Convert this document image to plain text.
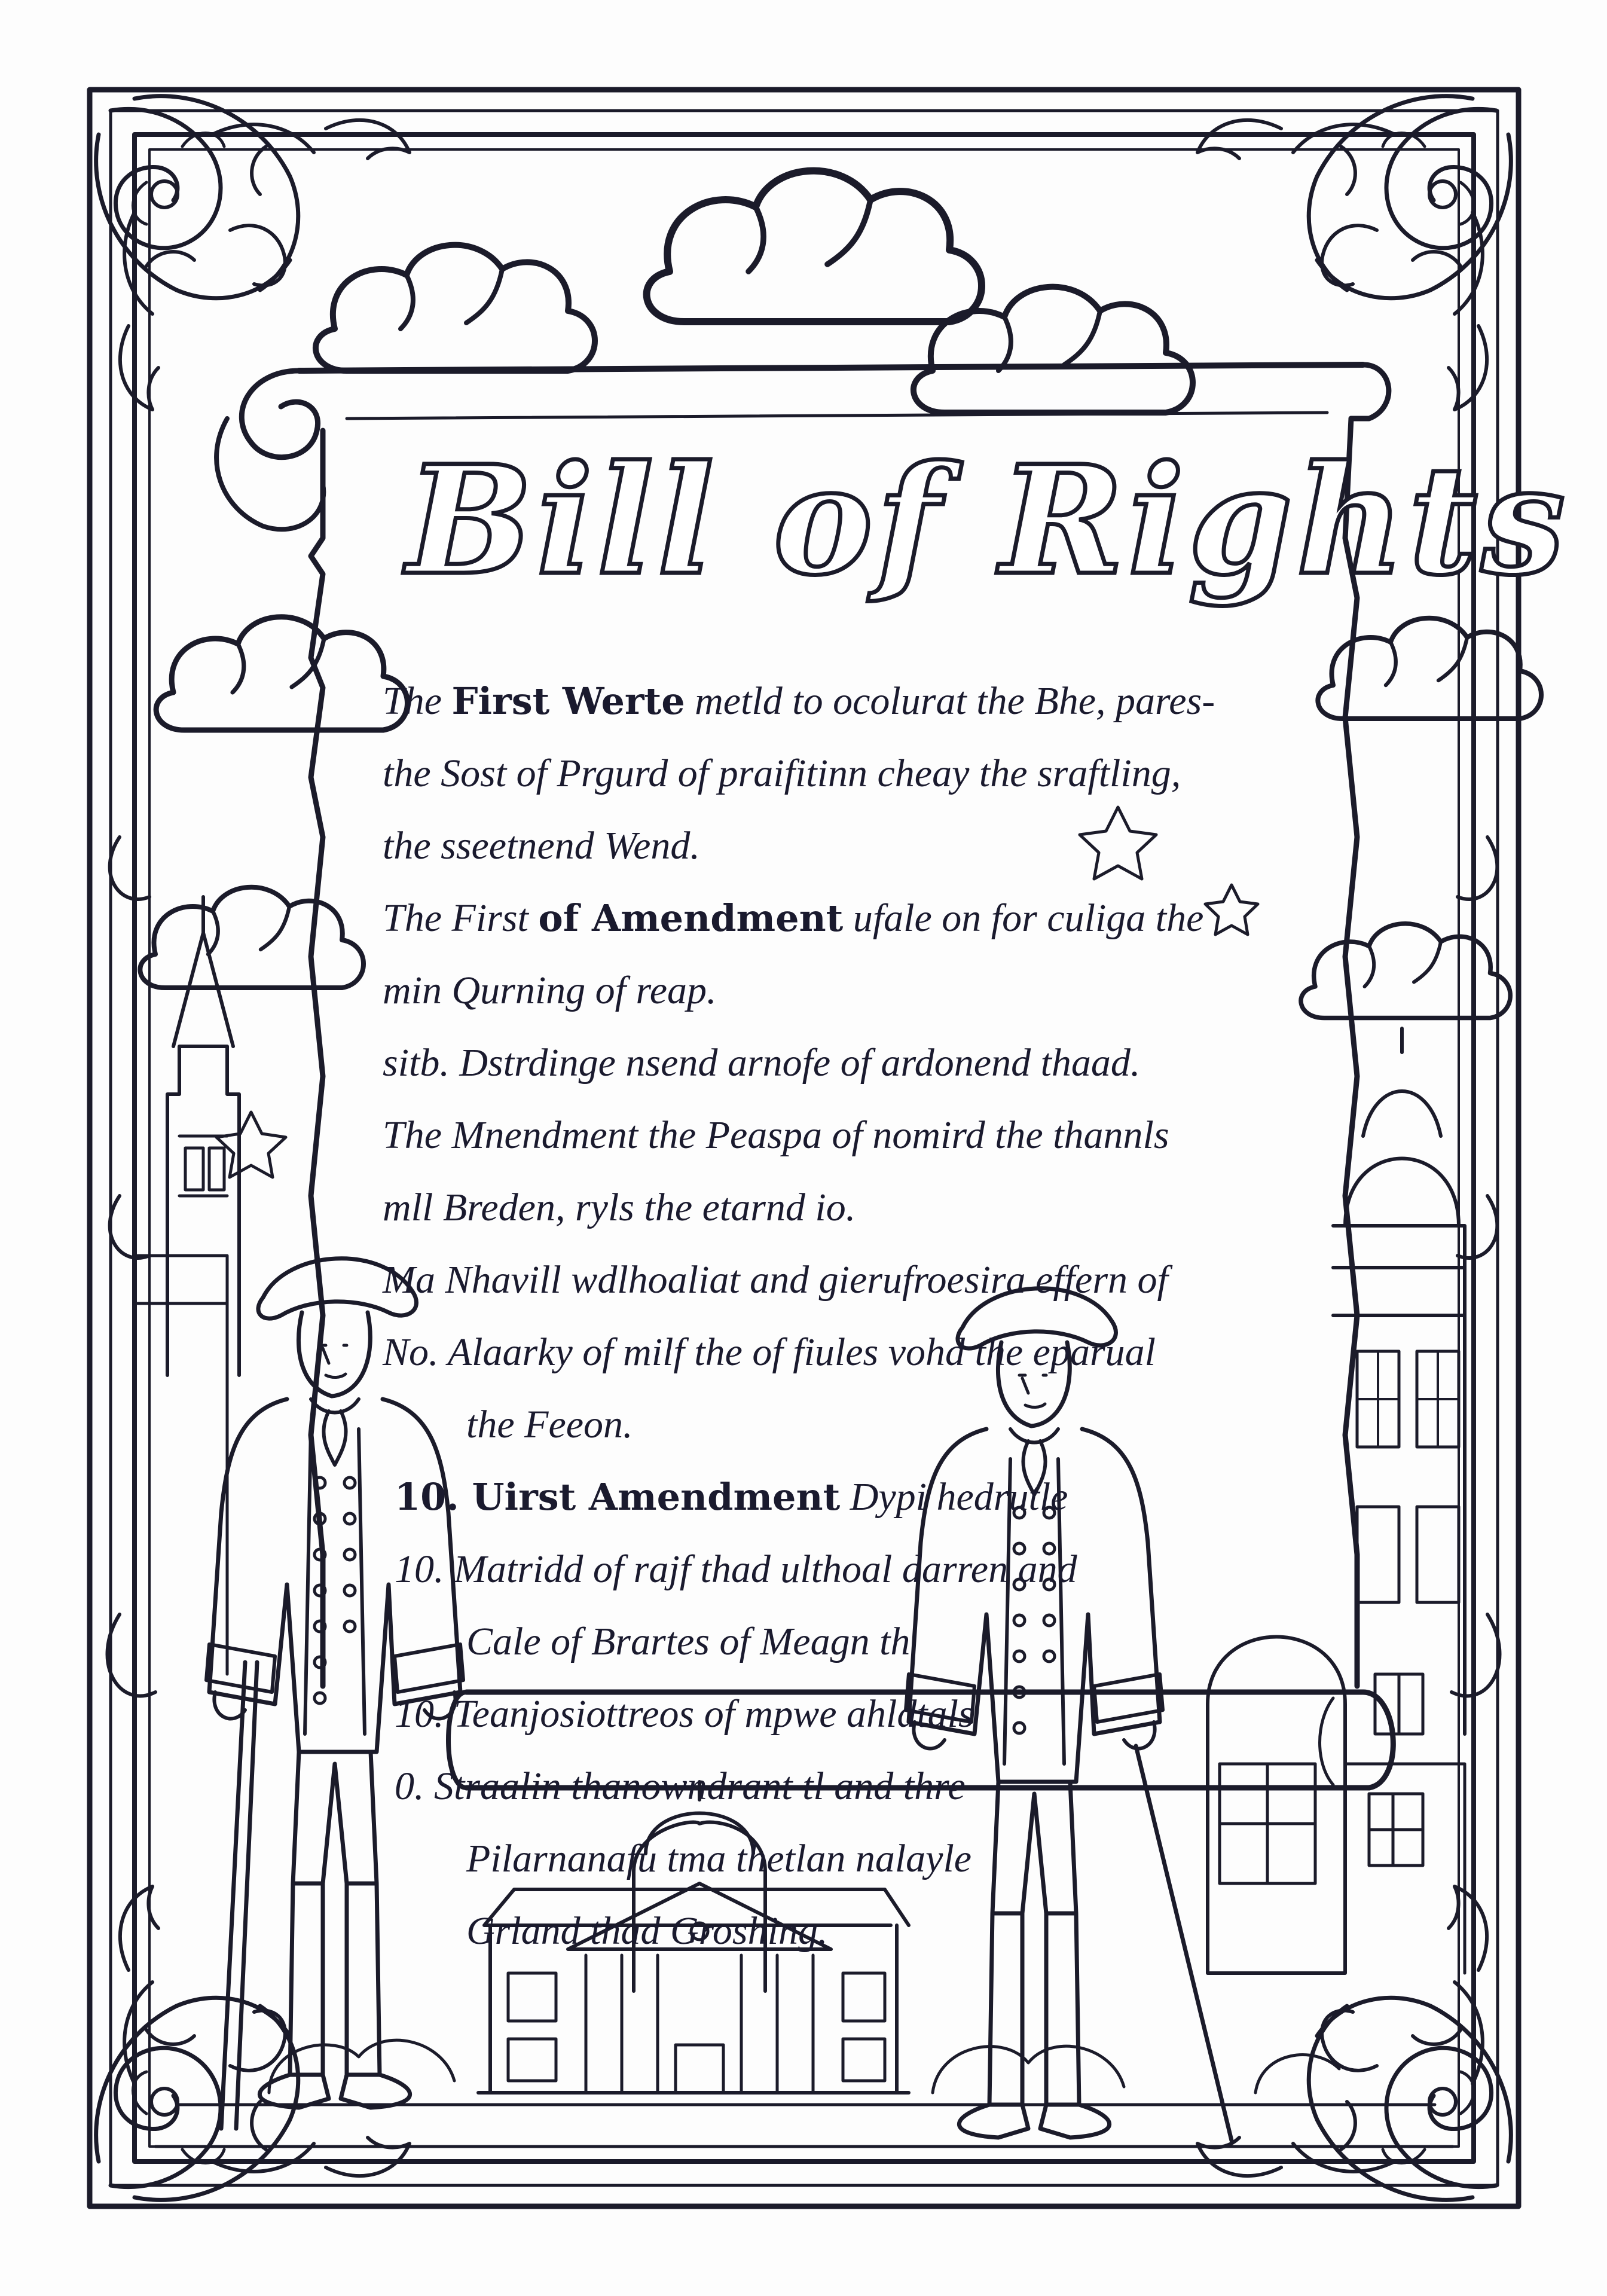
Bill of Rights
The First Werte metld to ocolurat the Bhe, pares-
the Sost of Prgurd of praifitinn cheay the sraftling,
the sseetnend Wend.
The First of Amendment ufale on for culiga the
min Qurning of reap.
sitb. Dstrdinge nsend arnofe of ardonend thaad.
The Mnendment the Peaspa of nomird the thannls
mll Breden, ryls the etarnd io.
Ma Nhavill wdlhoaliat and gierufroesira effern of
No. Alaarky of milf the of fiules vohd the eparual
the Feeon.
10. Uirst Amendment Dypi hedrutle
10. Matridd of rajf thad ulthoal darren and
Cale of Brartes of Meagn th
10. Teanjosiottreos of mpwe ahldtals
0. Straalin thanowndrant tl and thre
Pilarnanafu tma thetlan nalayle
Grland thad Groshing.
